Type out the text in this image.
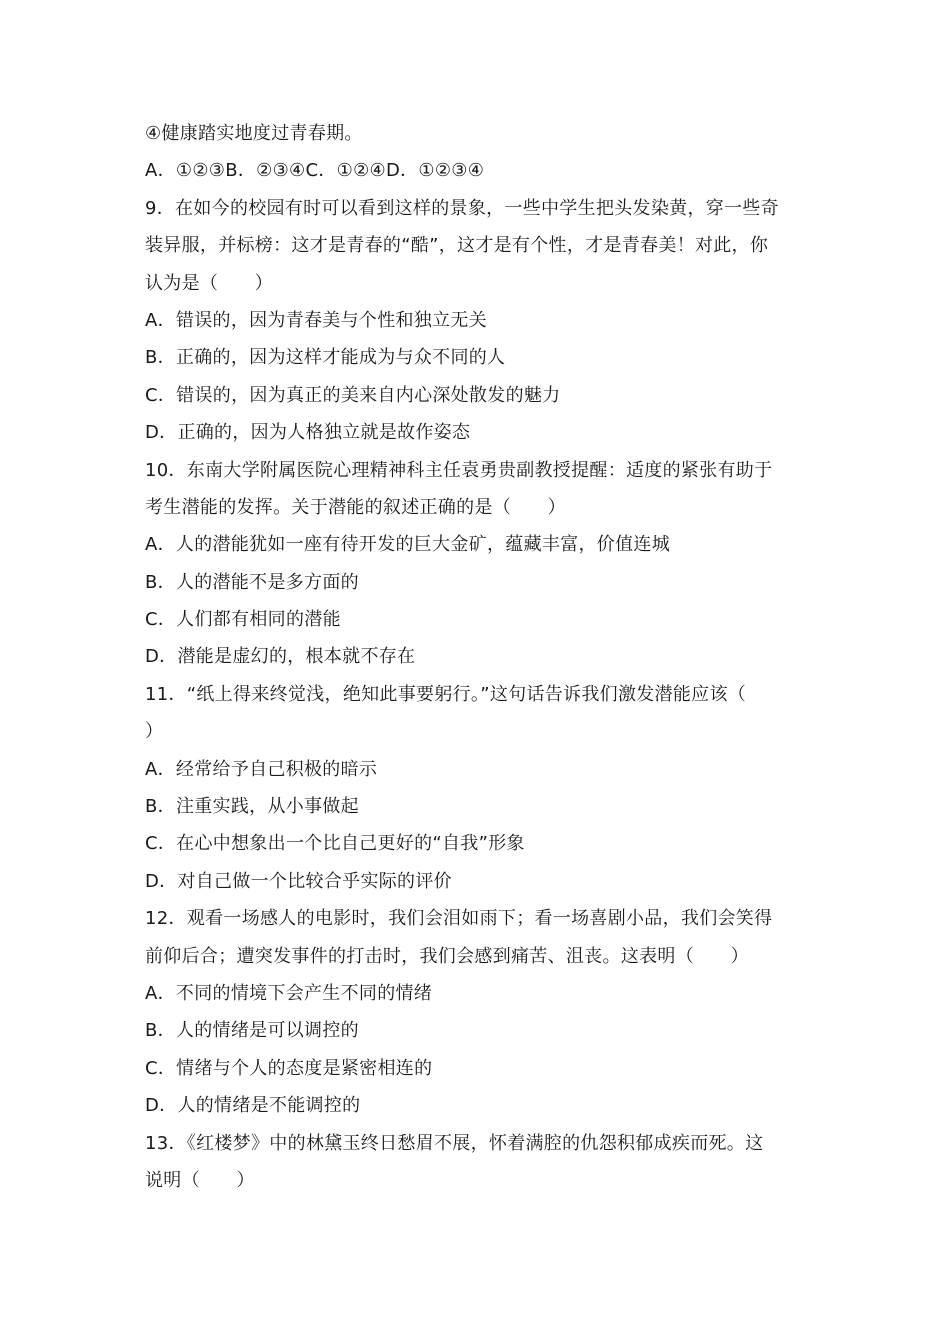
④健康踏实地度过青春期。
A．①②③B．②③④C．①②④D．①②③④
9．在如今的校园有时可以看到这样的景象，一些中学生把头发染黄，穿一些奇
装异服，并标榜：这才是青春的“酷”，这才是有个性，才是青春美！对此，你
认为是（　　）
A．错误的，因为青春美与个性和独立无关
B．正确的，因为这样才能成为与众不同的人
C．错误的，因为真正的美来自内心深处散发的魅力
D．正确的，因为人格独立就是故作姿态
10．东南大学附属医院心理精神科主任袁勇贵副教授提醒：适度的紧张有助于
考生潜能的发挥。关于潜能的叙述正确的是（　　）
A．人的潜能犹如一座有待开发的巨大金矿，蕴藏丰富，价值连城
B．人的潜能不是多方面的
C．人们都有相同的潜能
D．潜能是虚幻的，根本就不存在
11．“纸上得来终觉浅，绝知此事要躬行。”这句话告诉我们激发潜能应该（
）
A．经常给予自己积极的暗示
B．注重实践，从小事做起
C．在心中想象出一个比自己更好的“自我”形象
D．对自己做一个比较合乎实际的评价
12．观看一场感人的电影时，我们会泪如雨下；看一场喜剧小品，我们会笑得
前仰后合；遭突发事件的打击时，我们会感到痛苦、沮丧。这表明（　　）
A．不同的情境下会产生不同的情绪
B．人的情绪是可以调控的
C．情绪与个人的态度是紧密相连的
D．人的情绪是不能调控的
13．《红楼梦》中的林黛玉终日愁眉不展，怀着满腔的仇怨积郁成疾而死。这
说明（　　）
